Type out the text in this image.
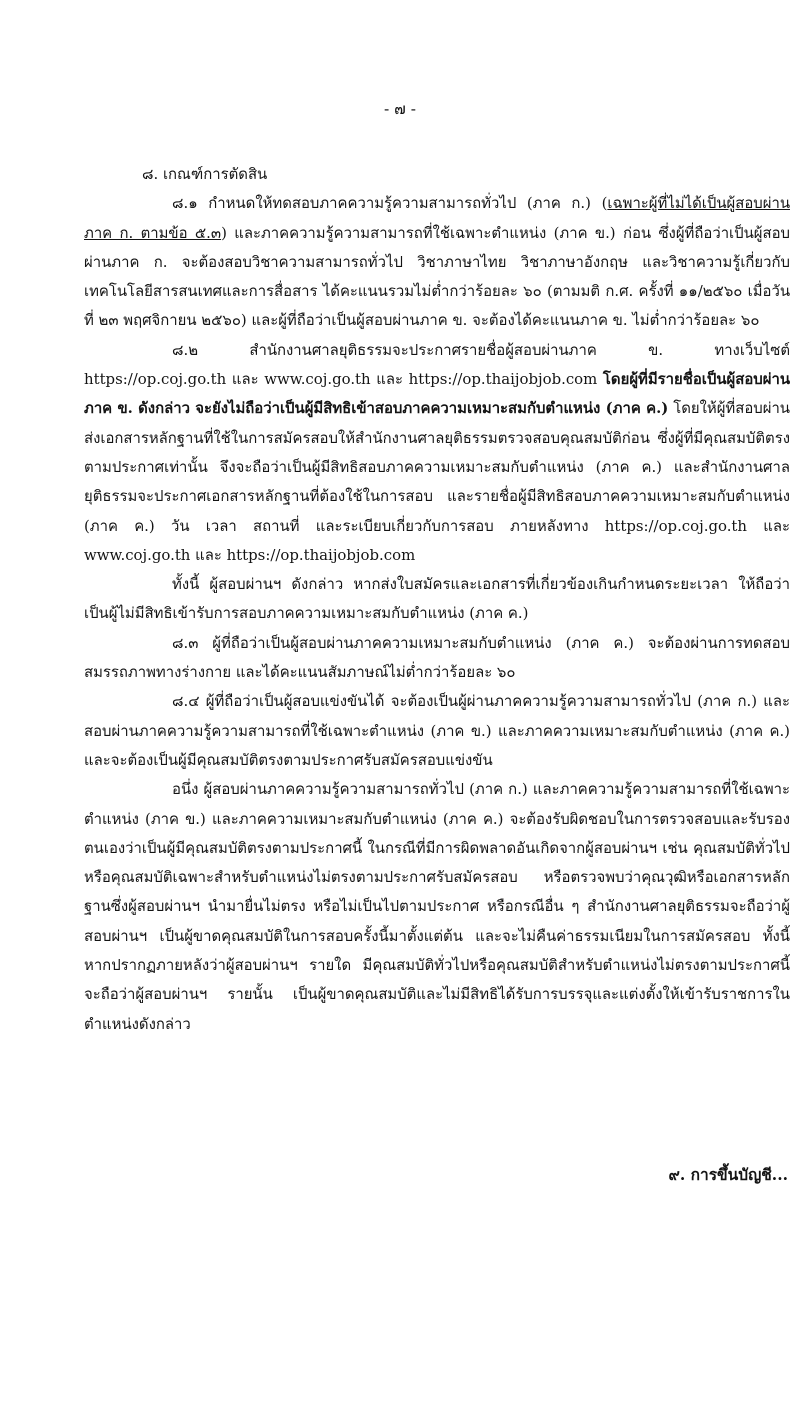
- ๗ -

๘. เกณฑ์การตัดสิน

๘.๑ กำหนดให้ทดสอบภาคความรู้ความสามารถทั่วไป (ภาค ก.) (เฉพาะผู้ที่ไม่ได้เป็นผู้สอบผ่านภาค ก. ตามข้อ ๕.๓) และภาคความรู้ความสามารถที่ใช้เฉพาะตำแหน่ง (ภาค ข.) ก่อน ซึ่งผู้ที่ถือว่าเป็นผู้สอบผ่านภาค ก. จะต้องสอบวิชาความสามารถทั่วไป วิชาภาษาไทย วิชาภาษาอังกฤษ และวิชาความรู้เกี่ยวกับเทคโนโลยีสารสนเทศและการสื่อสาร ได้คะแนนรวมไม่ต่ำกว่าร้อยละ ๖๐ (ตามมติ ก.ศ. ครั้งที่ ๑๑/๒๕๖๐ เมื่อวันที่ ๒๓ พฤศจิกายน ๒๕๖๐) และผู้ที่ถือว่าเป็นผู้สอบผ่านภาค ข. จะต้องได้คะแนนภาค ข. ไม่ต่ำกว่าร้อยละ ๖๐

๘.๒ สำนักงานศาลยุติธรรมจะประกาศรายชื่อผู้สอบผ่านภาค ข. ทางเว็บไซต์ https://op.coj.go.th และ www.coj.go.th และ https://op.thaijobjob.com โดยผู้ที่มีรายชื่อเป็นผู้สอบผ่านภาค ข. ดังกล่าว จะยังไม่ถือว่าเป็นผู้มีสิทธิเข้าสอบภาคความเหมาะสมกับตำแหน่ง (ภาค ค.) โดยให้ผู้ที่สอบผ่านส่งเอกสารหลักฐานที่ใช้ในการสมัครสอบให้สำนักงานศาลยุติธรรมตรวจสอบคุณสมบัติก่อน ซึ่งผู้ที่มีคุณสมบัติตรงตามประกาศเท่านั้น จึงจะถือว่าเป็นผู้มีสิทธิสอบภาคความเหมาะสมกับตำแหน่ง (ภาค ค.) และสำนักงานศาลยุติธรรมจะประกาศเอกสารหลักฐานที่ต้องใช้ในการสอบ และรายชื่อผู้มีสิทธิสอบภาคความเหมาะสมกับตำแหน่ง (ภาค ค.) วัน เวลา สถานที่ และระเบียบเกี่ยวกับการสอบ ภายหลังทาง https://op.coj.go.th และ www.coj.go.th และ https://op.thaijobjob.com

ทั้งนี้ ผู้สอบผ่านฯ ดังกล่าว หากส่งใบสมัครและเอกสารที่เกี่ยวข้องเกินกำหนดระยะเวลา ให้ถือว่าเป็นผู้ไม่มีสิทธิเข้ารับการสอบภาคความเหมาะสมกับตำแหน่ง (ภาค ค.)

๘.๓ ผู้ที่ถือว่าเป็นผู้สอบผ่านภาคความเหมาะสมกับตำแหน่ง (ภาค ค.) จะต้องผ่านการทดสอบสมรรถภาพทางร่างกาย และได้คะแนนสัมภาษณ์ไม่ต่ำกว่าร้อยละ ๖๐

๘.๔ ผู้ที่ถือว่าเป็นผู้สอบแข่งขันได้ จะต้องเป็นผู้ผ่านภาคความรู้ความสามารถทั่วไป (ภาค ก.) และสอบผ่านภาคความรู้ความสามารถที่ใช้เฉพาะตำแหน่ง (ภาค ข.) และภาคความเหมาะสมกับตำแหน่ง (ภาค ค.) และจะต้องเป็นผู้มีคุณสมบัติตรงตามประกาศรับสมัครสอบแข่งขัน

อนึ่ง ผู้สอบผ่านภาคความรู้ความสามารถทั่วไป (ภาค ก.) และภาคความรู้ความสามารถที่ใช้เฉพาะตำแหน่ง (ภาค ข.) และภาคความเหมาะสมกับตำแหน่ง (ภาค ค.) จะต้องรับผิดชอบในการตรวจสอบและรับรองตนเองว่าเป็นผู้มีคุณสมบัติตรงตามประกาศนี้ ในกรณีที่มีการผิดพลาดอันเกิดจากผู้สอบผ่านฯ เช่น คุณสมบัติทั่วไปหรือคุณสมบัติเฉพาะสำหรับตำแหน่งไม่ตรงตามประกาศรับสมัครสอบ หรือตรวจพบว่าคุณวุฒิหรือเอกสารหลักฐานซึ่งผู้สอบผ่านฯ นำมายื่นไม่ตรง หรือไม่เป็นไปตามประกาศ หรือกรณีอื่น ๆ สำนักงานศาลยุติธรรมจะถือว่าผู้สอบผ่านฯ เป็นผู้ขาดคุณสมบัติในการสอบครั้งนี้มาตั้งแต่ต้น และจะไม่คืนค่าธรรมเนียมในการสมัครสอบ ทั้งนี้ หากปรากฏภายหลังว่าผู้สอบผ่านฯ รายใด มีคุณสมบัติทั่วไปหรือคุณสมบัติสำหรับตำแหน่งไม่ตรงตามประกาศนี้ จะถือว่าผู้สอบผ่านฯ รายนั้น เป็นผู้ขาดคุณสมบัติและไม่มีสิทธิได้รับการบรรจุและแต่งตั้งให้เข้ารับราชการในตำแหน่งดังกล่าว

๙. การขึ้นบัญชี...
